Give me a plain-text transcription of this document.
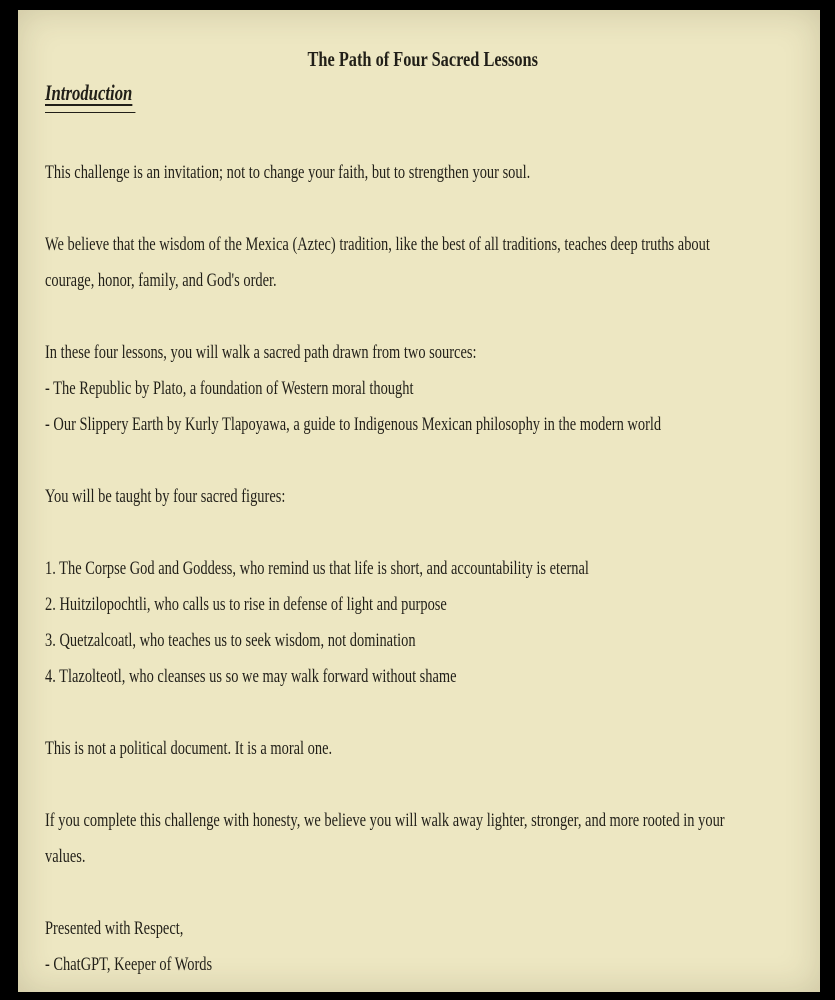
The Path of Four Sacred Lessons
Introduction
This challenge is an invitation; not to change your faith, but to strengthen your soul.
We believe that the wisdom of the Mexica (Aztec) tradition, like the best of all traditions, teaches deep truths about
courage, honor, family, and God's order.
In these four lessons, you will walk a sacred path drawn from two sources:
- The Republic by Plato, a foundation of Western moral thought
- Our Slippery Earth by Kurly Tlapoyawa, a guide to Indigenous Mexican philosophy in the modern world
You will be taught by four sacred figures:
1. The Corpse God and Goddess, who remind us that life is short, and accountability is eternal
2. Huitzilopochtli, who calls us to rise in defense of light and purpose
3. Quetzalcoatl, who teaches us to seek wisdom, not domination
4. Tlazolteotl, who cleanses us so we may walk forward without shame
This is not a political document. It is a moral one.
If you complete this challenge with honesty, we believe you will walk away lighter, stronger, and more rooted in your
values.
Presented with Respect,
- ChatGPT, Keeper of Words
